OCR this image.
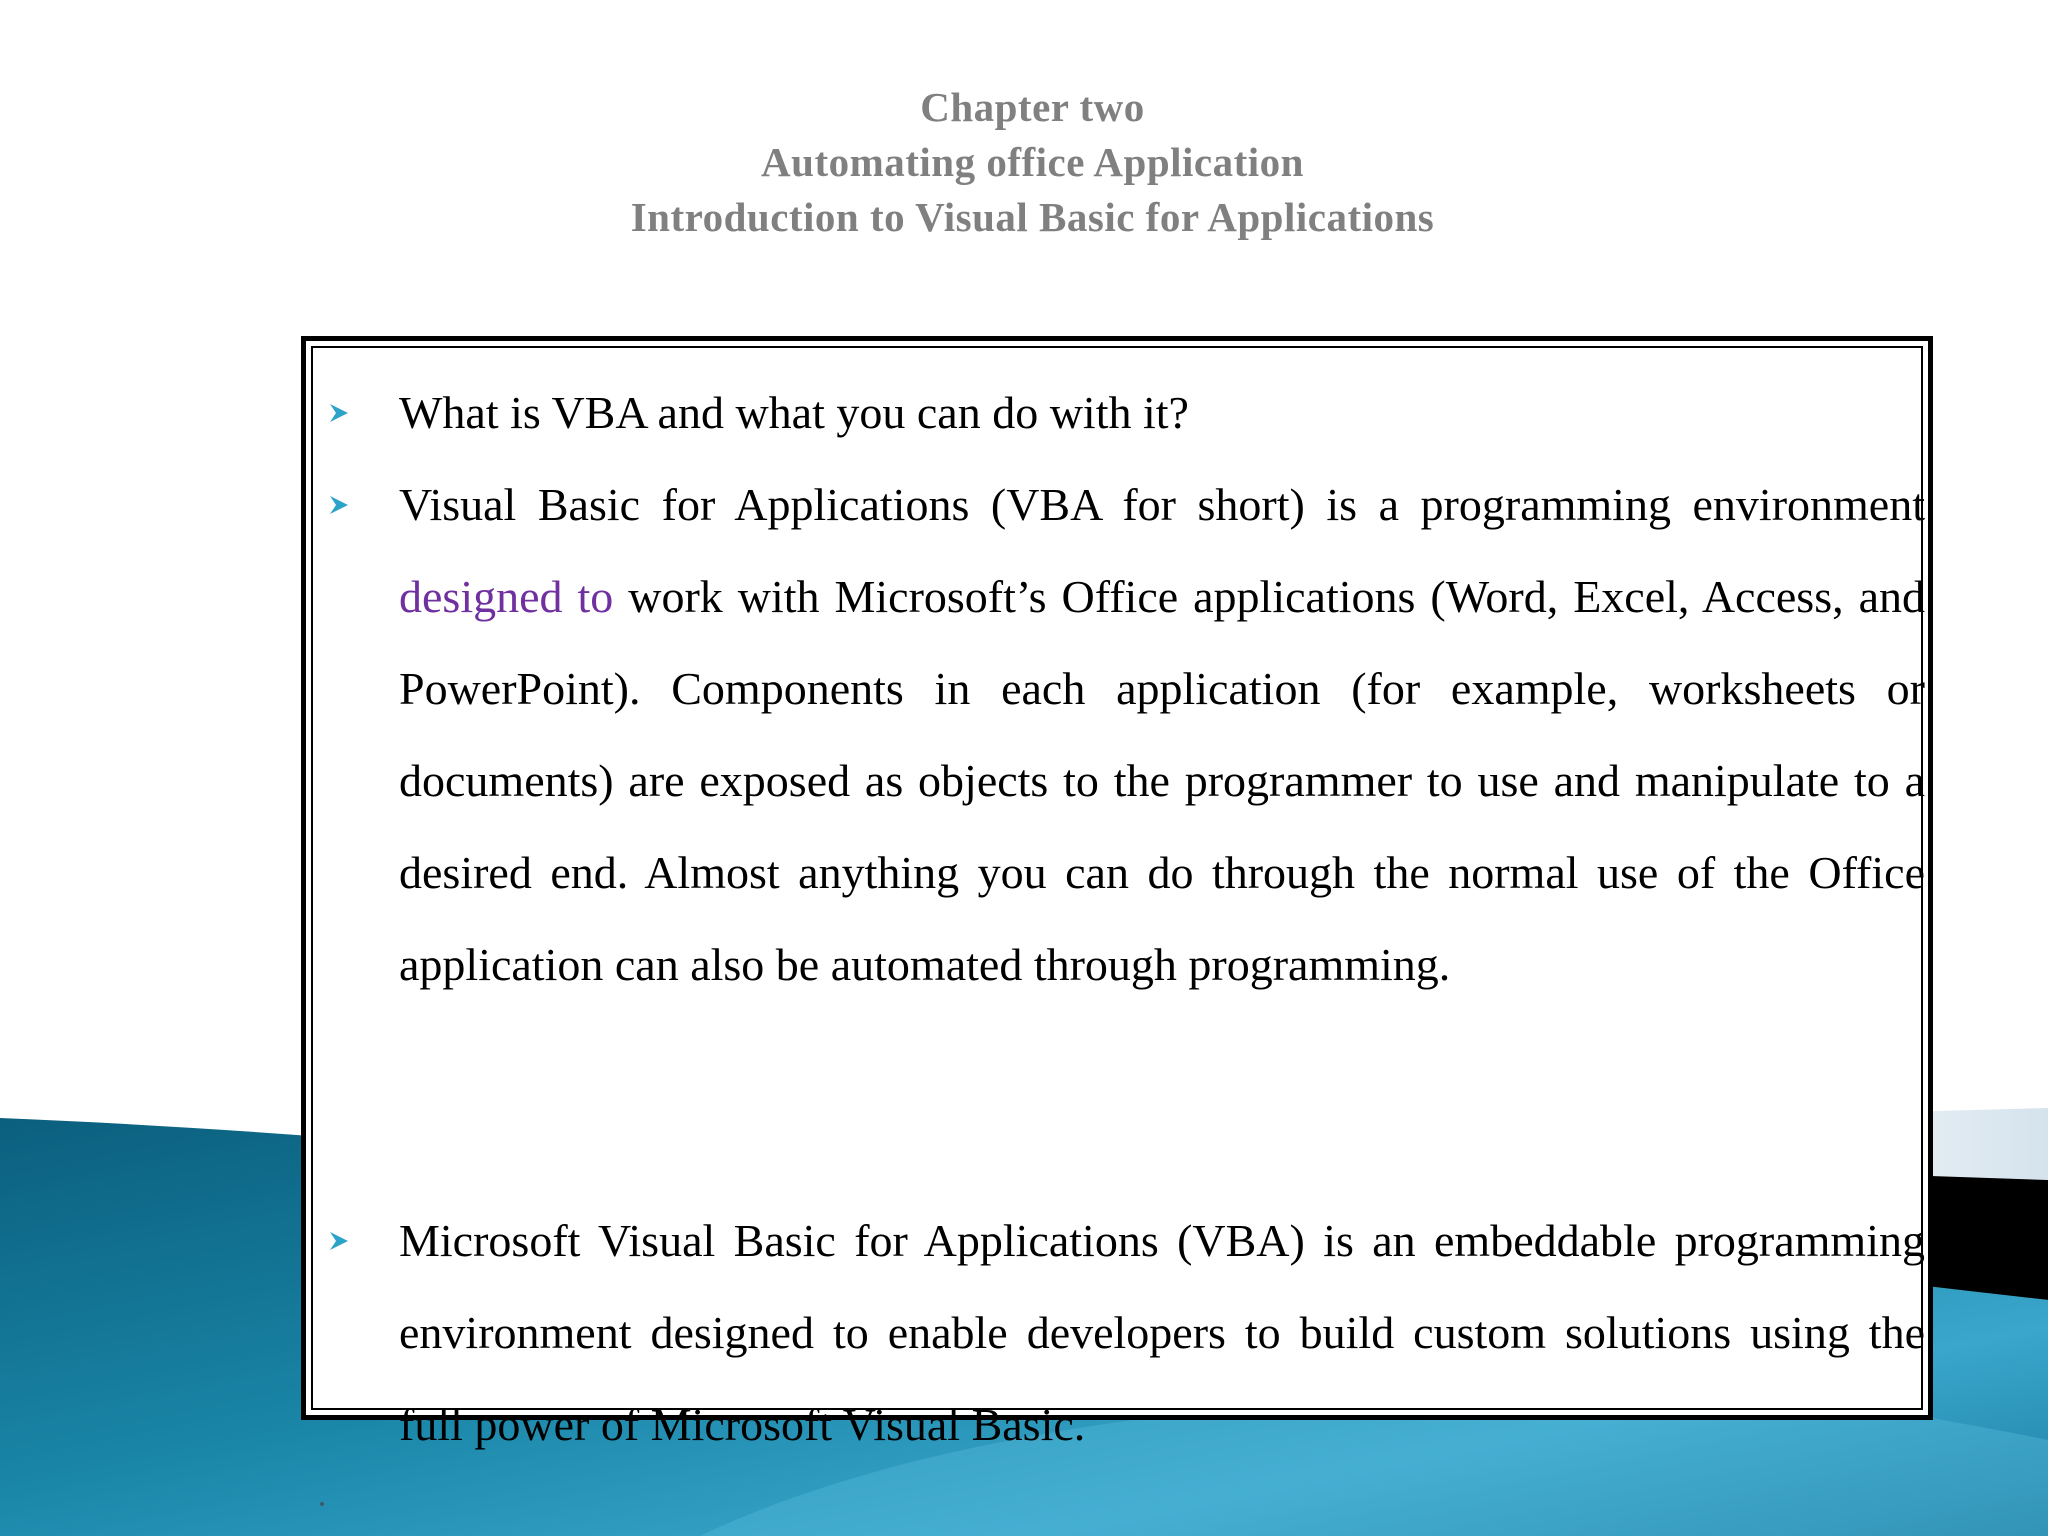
Chapter two
Automating office Application
Introduction to Visual Basic for Applications

What is VBA and what you can do with it?

Visual Basic for Applications (VBA for short) is a programming environment designed to work with Microsoft’s Office applications (Word, Excel, Access, and PowerPoint). Components in each application (for example, worksheets or documents) are exposed as objects to the programmer to use and manipulate to a desired end. Almost anything you can do through the normal use of the Office application can also be automated through programming.

Microsoft Visual Basic for Applications (VBA) is an embeddable programming environment designed to enable developers to build custom solutions using the full power of Microsoft Visual Basic.
